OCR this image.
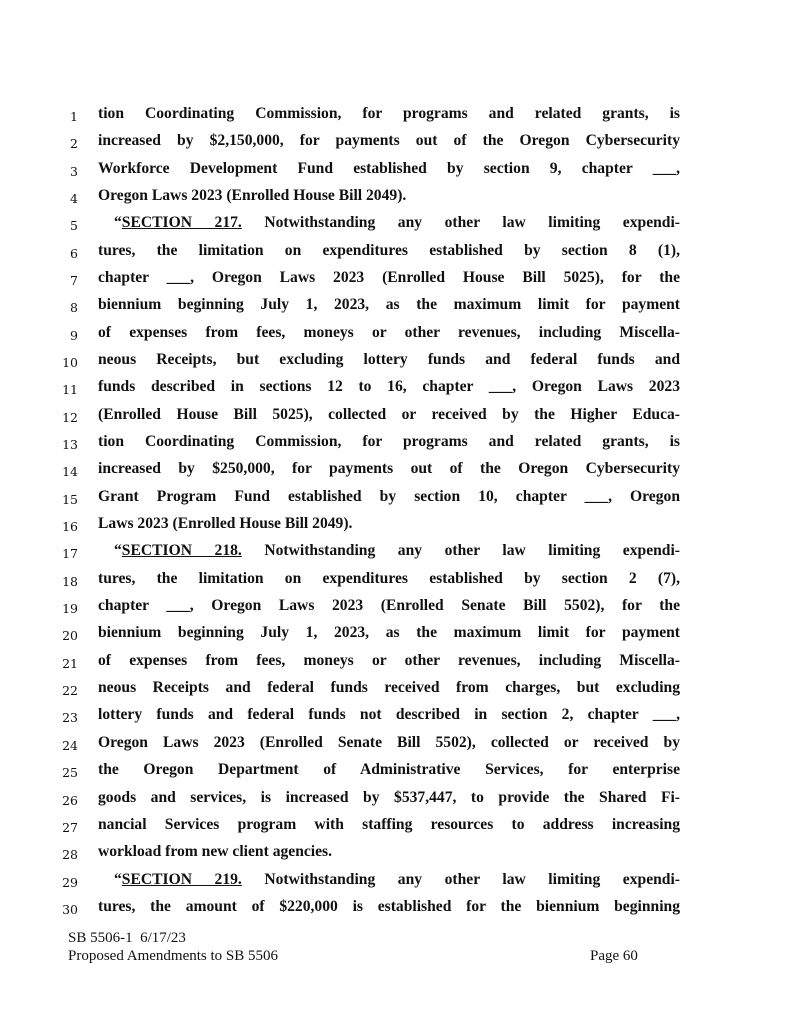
1 tion Coordinating Commission, for programs and related grants, is
2 increased by $2,150,000, for payments out of the Oregon Cybersecurity
3 Workforce Development Fund established by section 9, chapter ___,
4 Oregon Laws 2023 (Enrolled House Bill 2049).
5	“SECTION 217. Notwithstanding any other law limiting expendi-
6 tures, the limitation on expenditures established by section 8 (1),
7 chapter ___, Oregon Laws 2023 (Enrolled House Bill 5025), for the
8 biennium beginning July 1, 2023, as the maximum limit for payment
9 of expenses from fees, moneys or other revenues, including Miscella-
10 neous Receipts, but excluding lottery funds and federal funds and
11 funds described in sections 12 to 16, chapter ___, Oregon Laws 2023
12 (Enrolled House Bill 5025), collected or received by the Higher Educa-
13 tion Coordinating Commission, for programs and related grants, is
14 increased by $250,000, for payments out of the Oregon Cybersecurity
15 Grant Program Fund established by section 10, chapter ___, Oregon
16 Laws 2023 (Enrolled House Bill 2049).
17	“SECTION 218. Notwithstanding any other law limiting expendi-
18 tures, the limitation on expenditures established by section 2 (7),
19 chapter ___, Oregon Laws 2023 (Enrolled Senate Bill 5502), for the
20 biennium beginning July 1, 2023, as the maximum limit for payment
21 of expenses from fees, moneys or other revenues, including Miscella-
22 neous Receipts and federal funds received from charges, but excluding
23 lottery funds and federal funds not described in section 2, chapter ___,
24 Oregon Laws 2023 (Enrolled Senate Bill 5502), collected or received by
25 the Oregon Department of Administrative Services, for enterprise
26 goods and services, is increased by $537,447, to provide the Shared Fi-
27 nancial Services program with staffing resources to address increasing
28 workload from new client agencies.
29	“SECTION 219. Notwithstanding any other law limiting expendi-
30 tures, the amount of $220,000 is established for the biennium beginning
SB 5506-1  6/17/23
Proposed Amendments to SB 5506	Page 60
